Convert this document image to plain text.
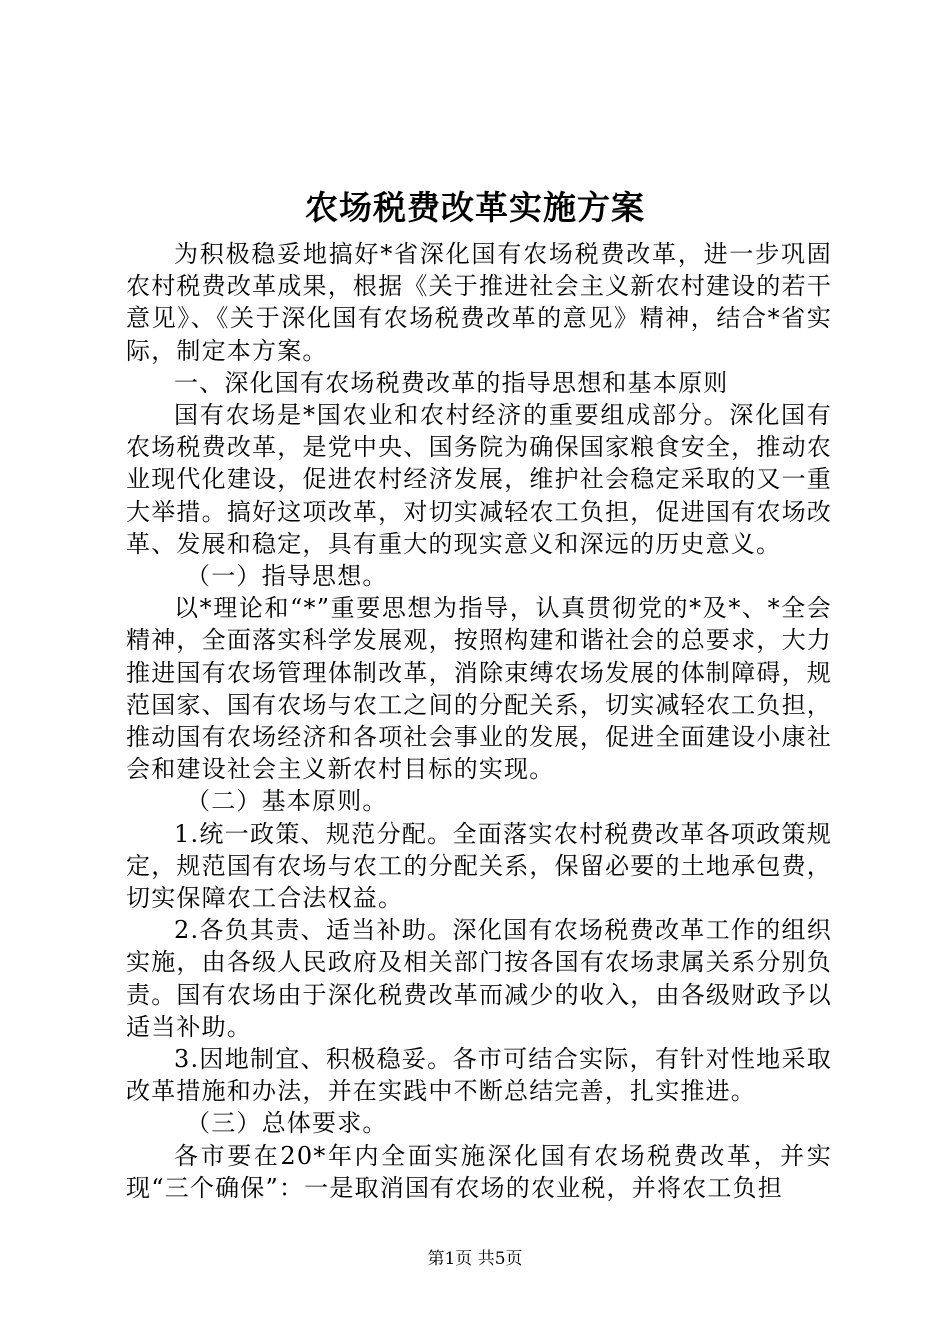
农场税费改革实施方案

为积极稳妥地搞好*省深化国有农场税费改革，进一步巩固农村税费改革成果，根据《关于推进社会主义新农村建设的若干意见》、《关于深化国有农场税费改革的意见》精神，结合*省实际，制定本方案。

一、深化国有农场税费改革的指导思想和基本原则

国有农场是*国农业和农村经济的重要组成部分。深化国有农场税费改革，是党中央、国务院为确保国家粮食安全，推动农业现代化建设，促进农村经济发展，维护社会稳定采取的又一重大举措。搞好这项改革，对切实减轻农工负担，促进国有农场改革、发展和稳定，具有重大的现实意义和深远的历史意义。

（一）指导思想。

以*理论和“*”重要思想为指导，认真贯彻党的*及*、*全会精神，全面落实科学发展观，按照构建和谐社会的总要求，大力推进国有农场管理体制改革，消除束缚农场发展的体制障碍，规范国家、国有农场与农工之间的分配关系，切实减轻农工负担，推动国有农场经济和各项社会事业的发展，促进全面建设小康社会和建设社会主义新农村目标的实现。

（二）基本原则。

1.统一政策、规范分配。全面落实农村税费改革各项政策规定，规范国有农场与农工的分配关系，保留必要的土地承包费，切实保障农工合法权益。

2.各负其责、适当补助。深化国有农场税费改革工作的组织实施，由各级人民政府及相关部门按各国有农场隶属关系分别负责。国有农场由于深化税费改革而减少的收入，由各级财政予以适当补助。

3.因地制宜、积极稳妥。各市可结合实际，有针对性地采取改革措施和办法，并在实践中不断总结完善，扎实推进。

（三）总体要求。

各市要在20*年内全面实施深化国有农场税费改革，并实现“三个确保”：一是取消国有农场的农业税，并将农工负担

第1页 共5页
